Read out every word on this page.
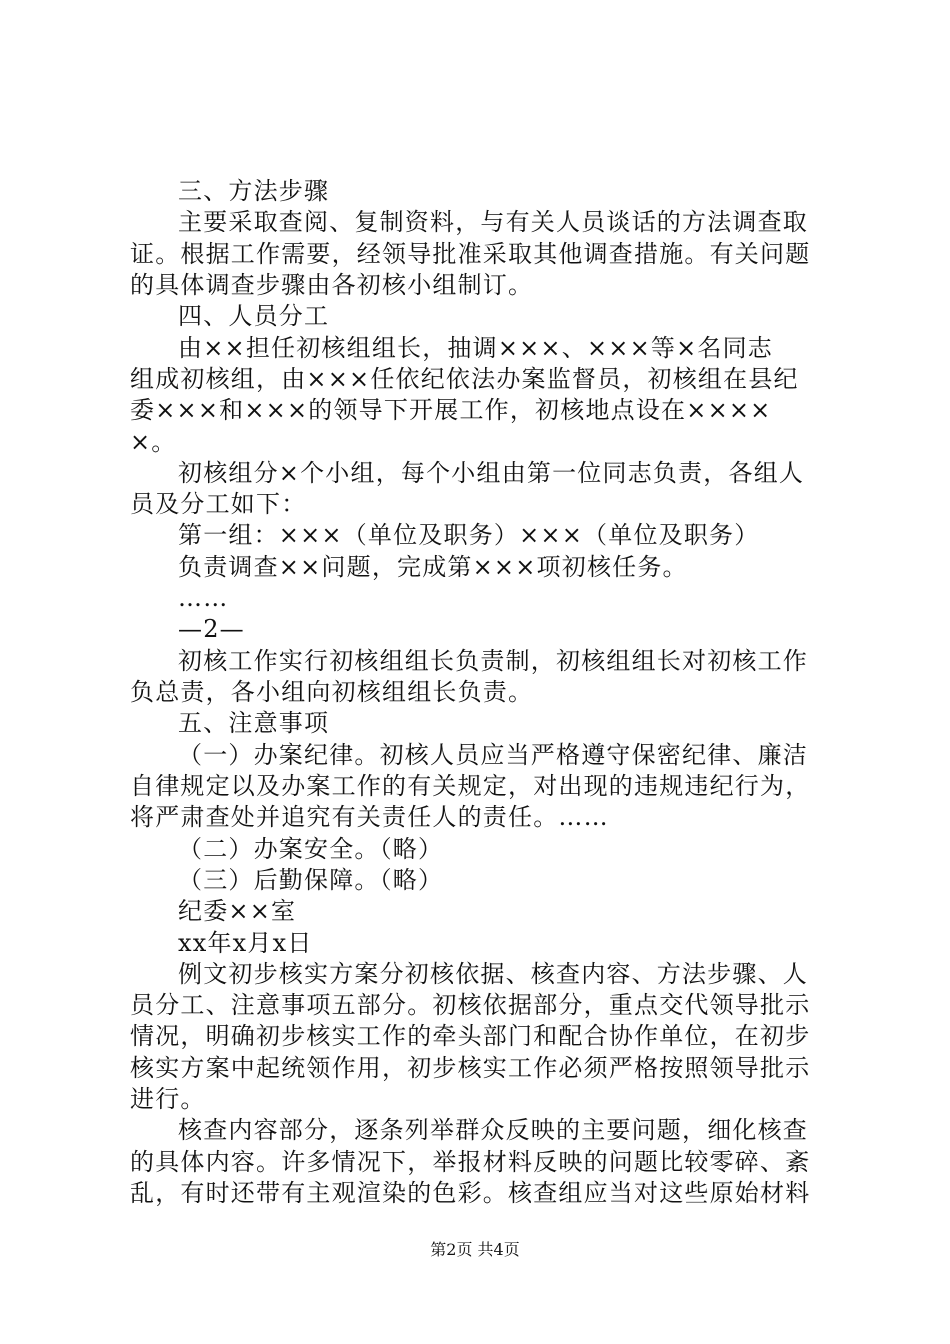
三、方法步骤
主要采取查阅、复制资料，与有关人员谈话的方法调查取
证。根据工作需要，经领导批准采取其他调查措施。有关问题
的具体调查步骤由各初核小组制订。
四、人员分工
由××担任初核组组长，抽调×××、×××等×名同志
组成初核组，由×××任依纪依法办案监督员，初核组在县纪
委×××和×××的领导下开展工作，初核地点设在××××
×。
初核组分×个小组，每个小组由第一位同志负责，各组人
员及分工如下：
第一组：×××（单位及职务）×××（单位及职务）
负责调查××问题，完成第×××项初核任务。
……
—2—
初核工作实行初核组组长负责制，初核组组长对初核工作
负总责，各小组向初核组组长负责。
五、注意事项
（一）办案纪律。初核人员应当严格遵守保密纪律、廉洁
自律规定以及办案工作的有关规定，对出现的违规违纪行为，
将严肃查处并追究有关责任人的责任。……
（二）办案安全。（略）
（三）后勤保障。（略）
纪委××室
xx年x月x日
例文初步核实方案分初核依据、核查内容、方法步骤、人
员分工、注意事项五部分。初核依据部分，重点交代领导批示
情况，明确初步核实工作的牵头部门和配合协作单位，在初步
核实方案中起统领作用，初步核实工作必须严格按照领导批示
进行。
核查内容部分，逐条列举群众反映的主要问题，细化核查
的具体内容。许多情况下，举报材料反映的问题比较零碎、紊
乱，有时还带有主观渲染的色彩。核查组应当对这些原始材料
第2页 共4页
